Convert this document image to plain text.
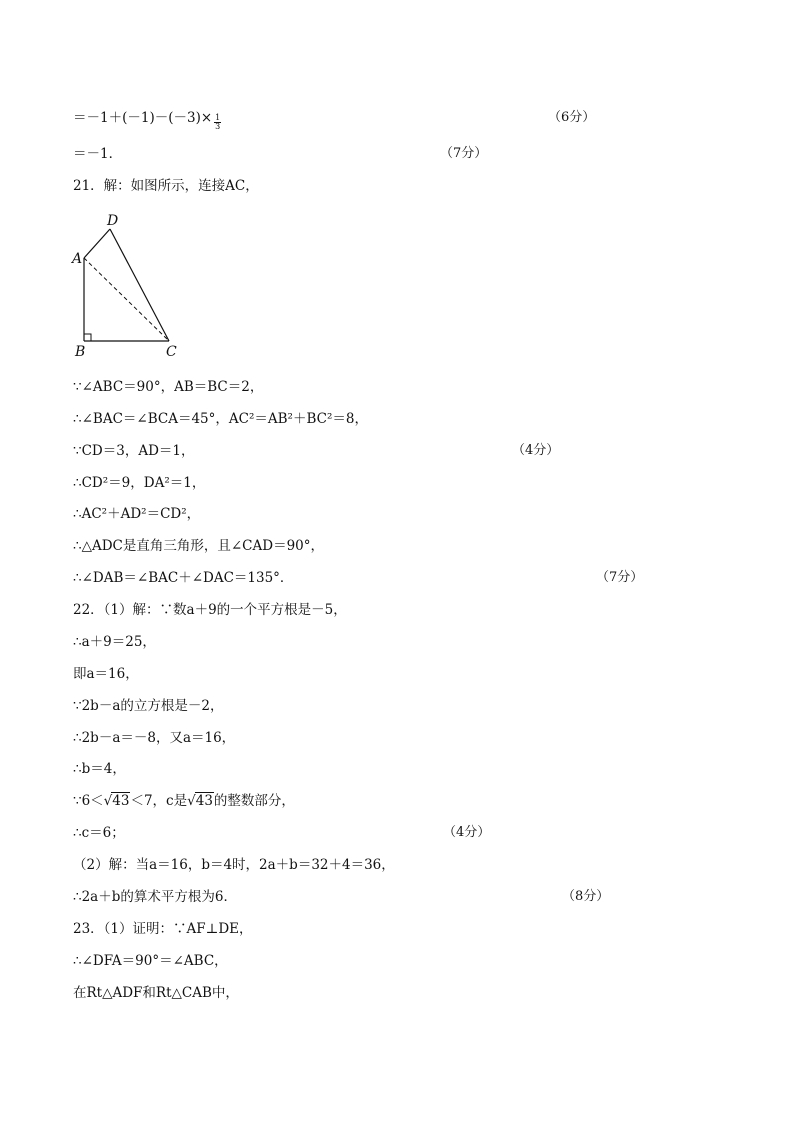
$=-1+(-1)-(-3)\times \frac{1}{3}$	（6分）
＝－1．	（7分）
21．解：如图所示，连接AC，
D
A
B	C
∵∠ABC＝90°，AB＝BC＝2，
∴∠BAC＝∠BCA＝45°，AC²＝AB²＋BC²＝8，
∵CD＝3，AD＝1，	（4分）
∴CD²＝9，DA²＝1，
∴AC²＋AD²＝CD²，
∴△ADC是直角三角形，且∠CAD＝90°，
∴∠DAB＝∠BAC＋∠DAC＝135°．	（7分）
22．（1）解：∵数a＋9的一个平方根是－5，
∴a＋9＝25，
即a＝16，
∵2b－a的立方根是－2，
∴2b－a＝－8，又a＝16，
∴b＝4，
∵6＜√43＜7，c是√43的整数部分，
∴c＝6；	（4分）
（2）解：当a＝16，b＝4时，2a＋b＝32＋4＝36，
∴2a＋b的算术平方根为6．	（8分）
23．（1）证明：∵AF⊥DE，
∴∠DFA＝90°＝∠ABC，
在Rt△ADF和Rt△CAB中，
